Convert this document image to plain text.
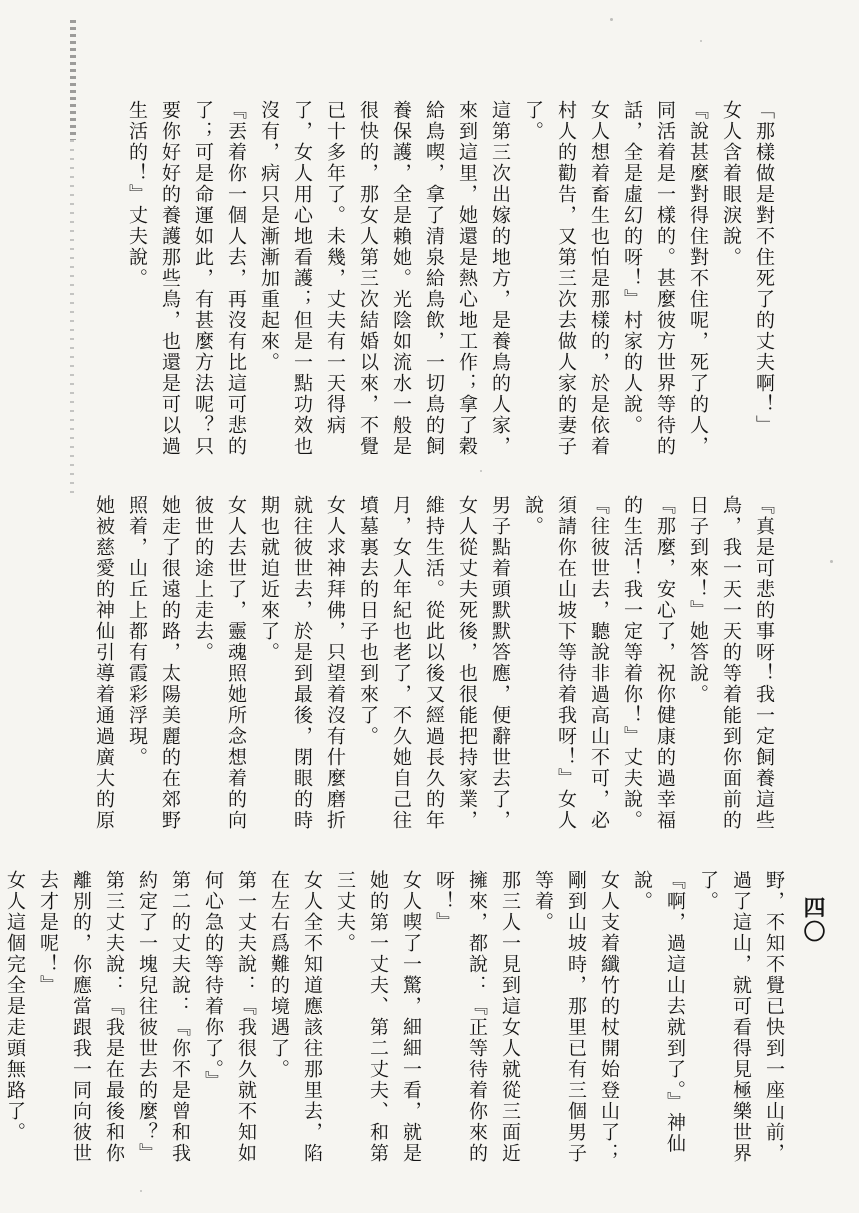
四〇
「那樣做是對不住死了的丈夫啊！」
女人含着眼淚說。
『說甚麼對得住對不住呢，死了的人，同活着是一樣的。甚麼彼方世界等待的話，全是虛幻的呀！』村家的人說。
女人想着畜生也怕是那樣的，於是依着村人的勸告，又第三次去做人家的妻子了。
這第三次出嫁的地方，是養鳥的人家，來到這里，她還是熱心地工作；拿了穀給鳥喫，拿了清泉給鳥飲，一切鳥的飼養保護，全是賴她。光陰如流水一般是很快的，那女人第三次結婚以來，不覺已十多年了。未幾，丈夫有一天得病了，女人用心地看護；但是一點功效也沒有，病只是漸漸加重起來。
『丟着你一個人去，再沒有比這可悲的了；可是命運如此，有甚麼方法呢？只要你好好的養護那些鳥，也還是可以過生活的！』丈夫說。
『真是可悲的事呀！我一定飼養這些鳥，我一天一天的等着能到你面前的日子到來！』她答說。
『那麼，安心了，祝你健康的過幸福的生活！我一定等着你！』丈夫說。
『往彼世去，聽說非過高山不可，必須請你在山坡下等待着我呀！』女人說。
男子點着頭默默答應，便辭世去了，女人從丈夫死後，也很能把持家業，維持生活。從此以後又經過長久的年月，女人年紀也老了，不久她自己往墳墓裏去的日子也到來了。
女人求神拜佛，只望着沒有什麼磨折就往彼世去，於是到最後，閉眼的時期也就迫近來了。
女人去世了，靈魂照她所念想着的向彼世的途上走去。
她走了很遠的路，太陽美麗的在郊野照着，山丘上都有霞彩浮現。
她被慈愛的神仙引導着通過廣大的原
野，不知不覺已快到一座山前，過了這山，就可看得見極樂世界了。
『啊，過這山去就到了。』神仙說。
女人支着纖竹的杖開始登山了；剛到山坡時，那里已有三個男子等着。
那三人一見到這女人就從三面近擁來，都說：『正等待着你來的呀！』
女人喫了一驚，細細一看，就是她的第一丈夫、第二丈夫、和第三丈夫。
女人全不知道應該往那里去，陷在左右爲難的境遇了。
第一丈夫說：『我很久就不知如何心急的等待着你了。』
第二的丈夫說：『你不是曾和我約定了一塊兒往彼世去的麼？』
第三丈夫說：『我是在最後和你離別的，你應當跟我一同向彼世去才是呢！』
女人這個完全是走頭無路了。
